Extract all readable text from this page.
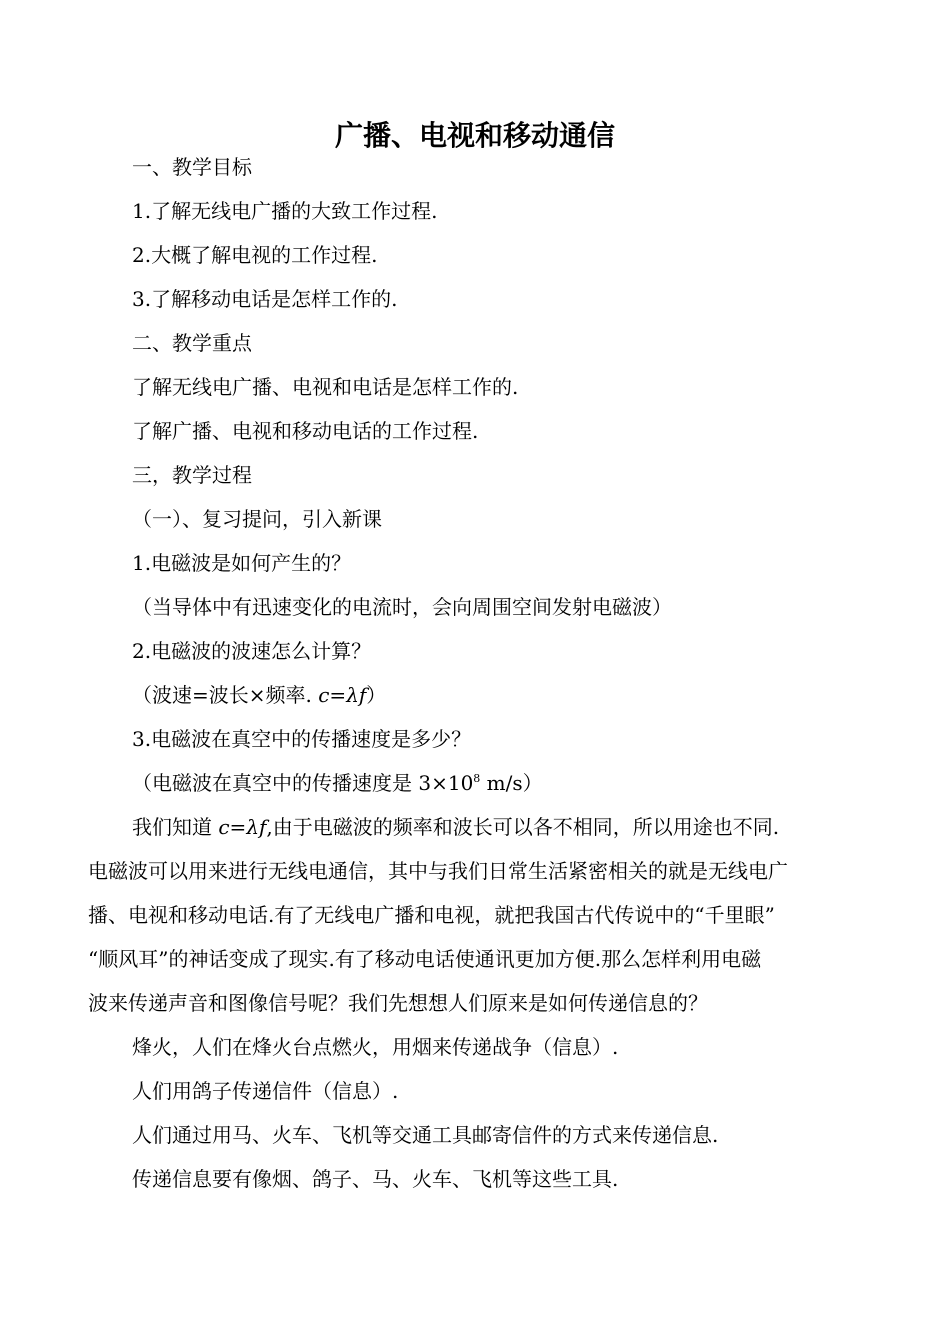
广播、电视和移动通信
一、教学目标
1.了解无线电广播的大致工作过程.
2.大概了解电视的工作过程.
3.了解移动电话是怎样工作的.
二、教学重点
了解无线电广播、电视和电话是怎样工作的.
了解广播、电视和移动电话的工作过程.
三，教学过程
（一）、复习提问，引入新课
1.电磁波是如何产生的？
（当导体中有迅速变化的电流时，会向周围空间发射电磁波）
2.电磁波的波速怎么计算？
（波速=波长×频率. c=λf）
3.电磁波在真空中的传播速度是多少？
（电磁波在真空中的传播速度是 $3\times 10^8$ m/s）
我们知道 c=λf,由于电磁波的频率和波长可以各不相同，所以用途也不同.
电磁波可以用来进行无线电通信，其中与我们日常生活紧密相关的就是无线电广
播、电视和移动电话.有了无线电广播和电视，就把我国古代传说中的“千里眼”
“顺风耳”的神话变成了现实.有了移动电话使通讯更加方便.那么怎样利用电磁
波来传递声音和图像信号呢？我们先想想人们原来是如何传递信息的？
烽火，人们在烽火台点燃火，用烟来传递战争（信息）.
人们用鸽子传递信件（信息）.
人们通过用马、火车、飞机等交通工具邮寄信件的方式来传递信息.
传递信息要有像烟、鸽子、马、火车、飞机等这些工具.
